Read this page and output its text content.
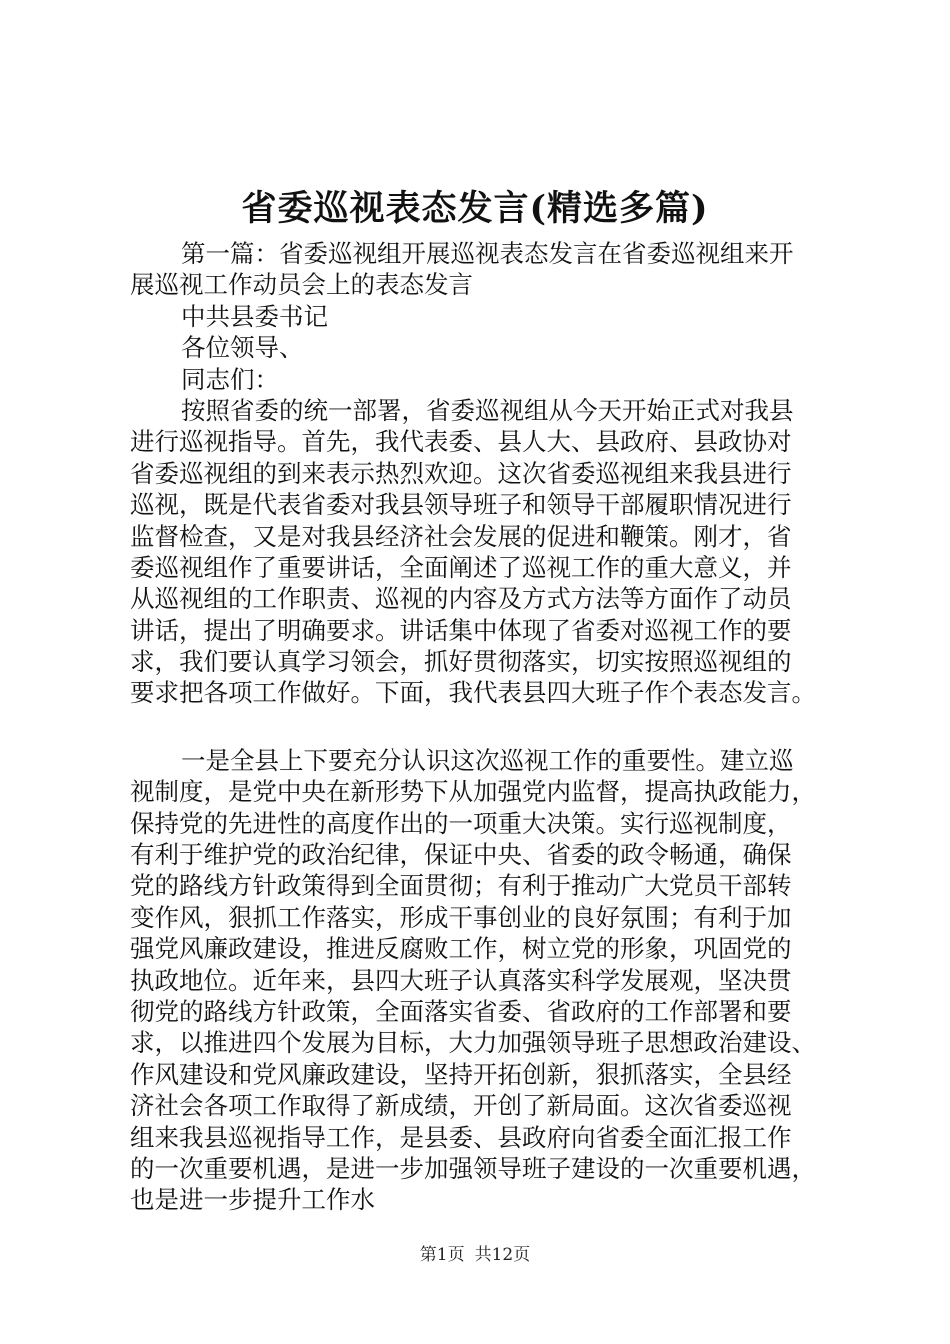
省委巡视表态发言(精选多篇)
第一篇：省委巡视组开展巡视表态发言在省委巡视组来开
展巡视工作动员会上的表态发言
中共县委书记
各位领导、
同志们：
按照省委的统一部署，省委巡视组从今天开始正式对我县
进行巡视指导。首先，我代表委、县人大、县政府、县政协对
省委巡视组的到来表示热烈欢迎。这次省委巡视组来我县进行
巡视，既是代表省委对我县领导班子和领导干部履职情况进行
监督检查，又是对我县经济社会发展的促进和鞭策。刚才，省
委巡视组作了重要讲话，全面阐述了巡视工作的重大意义，并
从巡视组的工作职责、巡视的内容及方式方法等方面作了动员
讲话，提出了明确要求。讲话集中体现了省委对巡视工作的要
求，我们要认真学习领会，抓好贯彻落实，切实按照巡视组的
要求把各项工作做好。下面，我代表县四大班子作个表态发言。
一是全县上下要充分认识这次巡视工作的重要性。建立巡
视制度，是党中央在新形势下从加强党内监督，提高执政能力，
保持党的先进性的高度作出的一项重大决策。实行巡视制度，
有利于维护党的政治纪律，保证中央、省委的政令畅通，确保
党的路线方针政策得到全面贯彻；有利于推动广大党员干部转
变作风，狠抓工作落实，形成干事创业的良好氛围；有利于加
强党风廉政建设，推进反腐败工作，树立党的形象，巩固党的
执政地位。近年来，县四大班子认真落实科学发展观，坚决贯
彻党的路线方针政策，全面落实省委、省政府的工作部署和要
求，以推进四个发展为目标，大力加强领导班子思想政治建设、
作风建设和党风廉政建设，坚持开拓创新，狠抓落实，全县经
济社会各项工作取得了新成绩，开创了新局面。这次省委巡视
组来我县巡视指导工作，是县委、县政府向省委全面汇报工作
的一次重要机遇，是进一步加强领导班子建设的一次重要机遇，
也是进一步提升工作水
第1页 共12页
